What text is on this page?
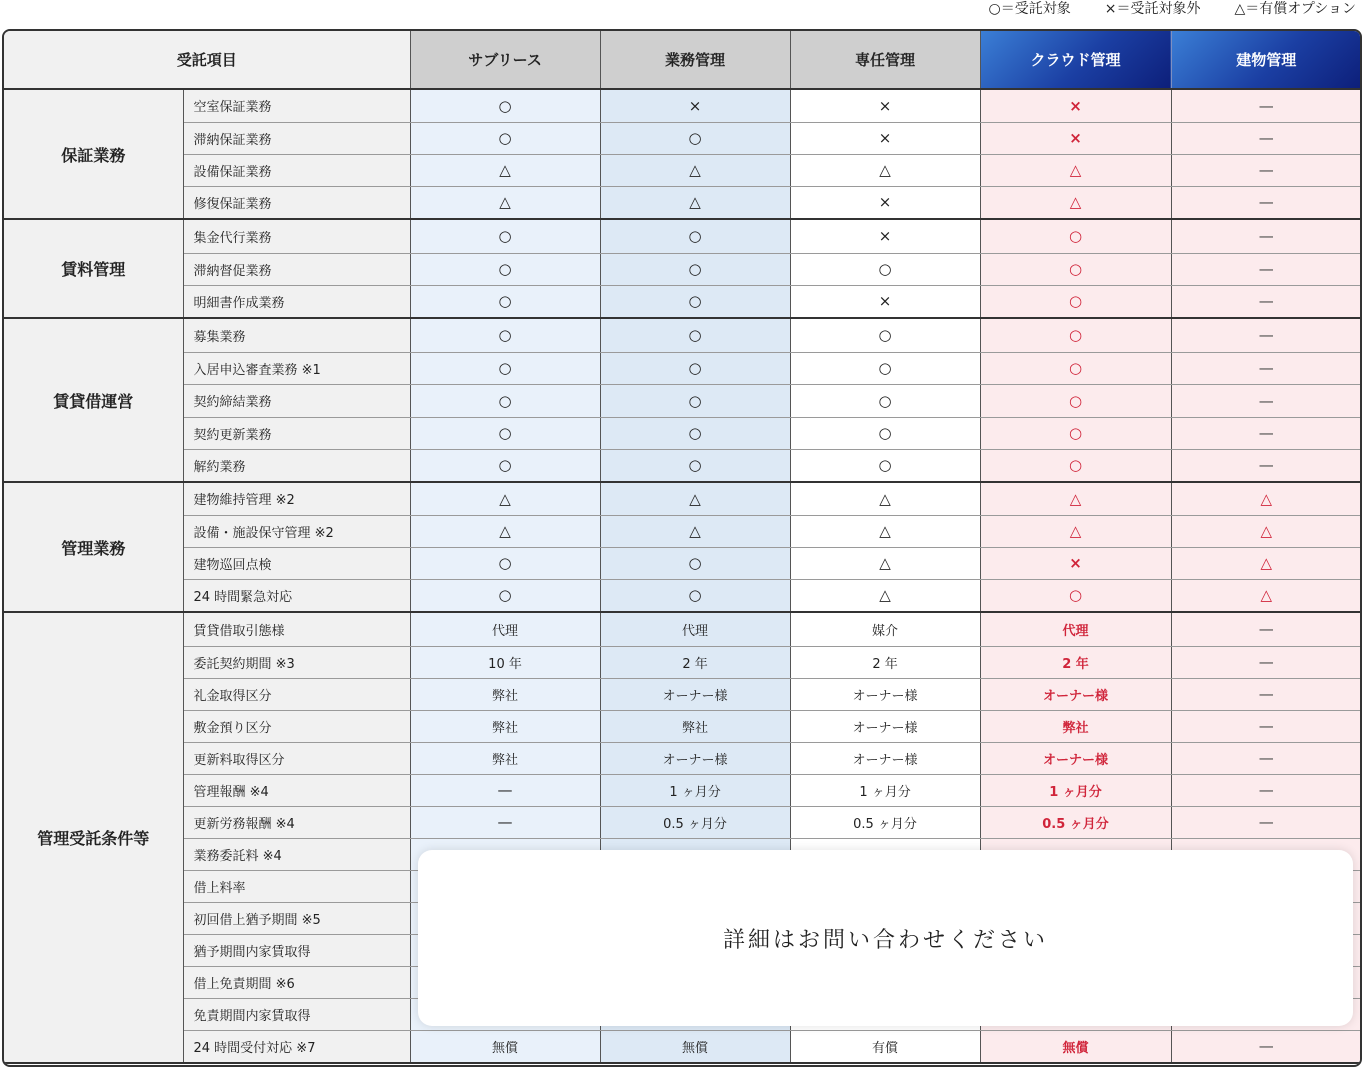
○＝受託対象 ×＝受託対象外 △＝有償オプション
受託項目		サブリース	業務管理	専任管理	クラウド管理	建物管理
保証業務	空室保証業務	○	×	×	×	—
	滞納保証業務	○	○	×	×	—
	設備保証業務	△	△	△	△	—
	修復保証業務	△	△	×	△	—
賃料管理	集金代行業務	○	○	×	○	—
	滞納督促業務	○	○	○	○	—
	明細書作成業務	○	○	×	○	—
賃貸借運営	募集業務	○	○	○	○	—
	入居申込審査業務 ※1	○	○	○	○	—
	契約締結業務	○	○	○	○	—
	契約更新業務	○	○	○	○	—
	解約業務	○	○	○	○	—
管理業務	建物維持管理 ※2	△	△	△	△	△
	設備・施設保守管理 ※2	△	△	△	△	△
	建物巡回点検	○	○	△	×	△
	24 時間緊急対応	○	○	△	○	△
管理受託条件等	賃貸借取引態様	代理	代理	媒介	代理	—
	委託契約期間 ※3	10 年	2 年	2 年	2 年	—
	礼金取得区分	弊社	オーナー様	オーナー様	オーナー様	—
	敷金預り区分	弊社	弊社	オーナー様	弊社	—
	更新料取得区分	弊社	オーナー様	オーナー様	オーナー様	—
	管理報酬 ※4	—	1 ヶ月分	1 ヶ月分	1 ヶ月分	—
	更新労務報酬 ※4	—	0.5 ヶ月分	0.5 ヶ月分	0.5 ヶ月分	—
	業務委託料 ※4					
	借上料率					
	初回借上猶予期間 ※5					
	猶予期間内家賃取得					
	借上免責期間 ※6					
	免責期間内家賃取得					
	24 時間受付対応 ※7	無償	無償	有償	無償	—
詳細はお問い合わせください
